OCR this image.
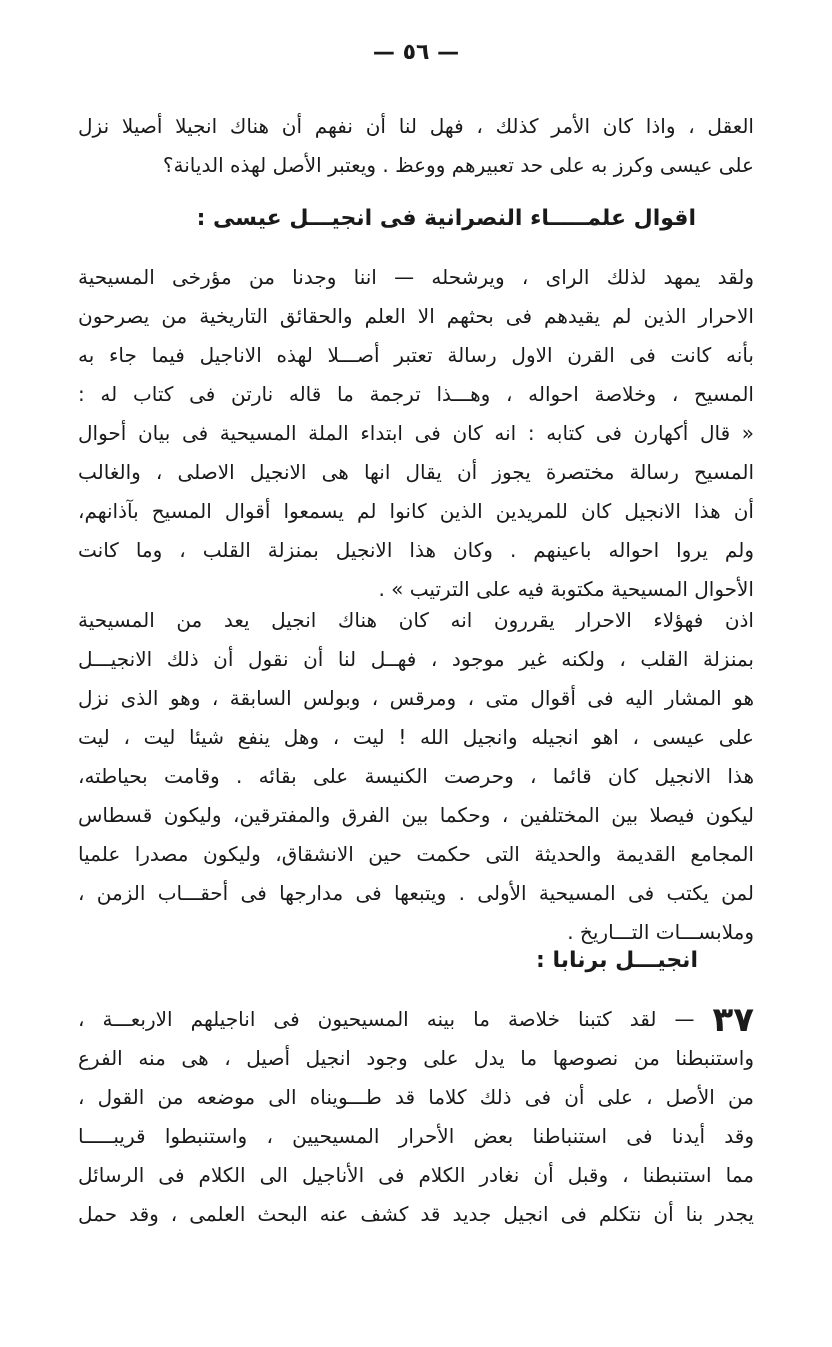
— ٥٦ —
العقل ، واذا كان الأمر كذلك ، فهل لنا أن نفهم أن هناك انجيلا أصيلا نزل
على عيسى وكرز به على حد تعبيرهم ووعظ . ويعتبر الأصل لهذه الديانة؟
اقوال علمـــــاء النصرانية فى انجيـــل عيسى :
ولقد يمهد لذلك الراى ، ويرشحله — اننا وجدنا من مؤرخى المسيحية
الاحرار الذين لم يقيدهم فى بحثهم الا العلم والحقائق التاريخية من يصرحون
بأنه كانت فى القرن الاول رسالة تعتبر أصـــلا لهذه الاناجيل فيما جاء به
المسيح ، وخلاصة احواله ، وهـــذا ترجمة ما قاله نارتن فى كتاب له :
« قال أكهارن فى كتابه : انه كان فى ابتداء الملة المسيحية فى بيان أحوال
المسيح رسالة مختصرة يجوز أن يقال انها هى الانجيل الاصلى ، والغالب
أن هذا الانجيل كان للمريدين الذين كانوا لم يسمعوا أقوال المسيح بآذانهم،
ولم يروا احواله باعينهم . وكان هذا الانجيل بمنزلة القلب ، وما كانت
الأحوال المسيحية مكتوبة فيه على الترتيب » .
اذن فهؤلاء الاحرار يقررون انه كان هناك انجيل يعد من المسيحية
بمنزلة القلب ، ولكنه غير موجود ، فهــل لنا أن نقول أن ذلك الانجيـــل
هو المشار اليه فى أقوال متى ، ومرقس ، وبولس السابقة ، وهو الذى نزل
على عيسى ، اهو انجيله وانجيل الله ! ليت ، وهل ينفع شيئا ليت ، ليت
هذا الانجيل كان قائما ، وحرصت الكنيسة على بقائه . وقامت بحياطته،
ليكون فيصلا بين المختلفين ، وحكما بين الفرق والمفترقين، وليكون قسطاس
المجامع القديمة والحديثة التى حكمت حين الانشقاق، وليكون مصدرا علميا
لمن يكتب فى المسيحية الأولى . ويتبعها فى مدارجها فى أحقـــاب الزمن ،
وملابســـات التـــاريخ .
انجيـــل برنابا :
٣٧ — لقد كتبنا خلاصة ما بينه المسيحيون فى اناجيلهم الاربعـــة ،
واستنبطنا من نصوصها ما يدل على وجود انجيل أصيل ، هى منه الفرع
من الأصل ، على أن فى ذلك كلاما قد طـــويناه الى موضعه من القول ،
وقد أيدنا فى استنباطنا بعض الأحرار المسيحيين ، واستنبطوا قريبـــــا
مما استنبطنا ، وقبل أن نغادر الكلام فى الأناجيل الى الكلام فى الرسائل
يجدر بنا أن نتكلم فى انجيل جديد قد كشف عنه البحث العلمى ، وقد حمل
